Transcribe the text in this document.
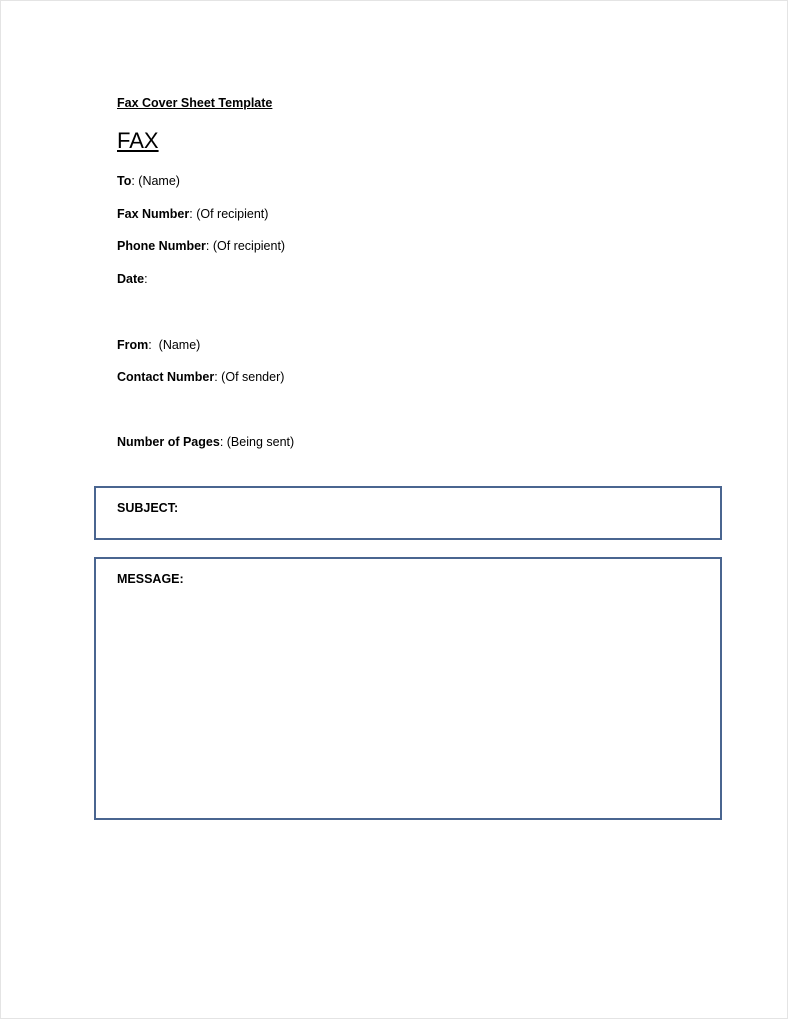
Fax Cover Sheet Template
FAX
To: (Name)
Fax Number: (Of recipient)
Phone Number: (Of recipient)
Date:
From:  (Name)
Contact Number: (Of sender)
Number of Pages: (Being sent)
SUBJECT:
MESSAGE:
